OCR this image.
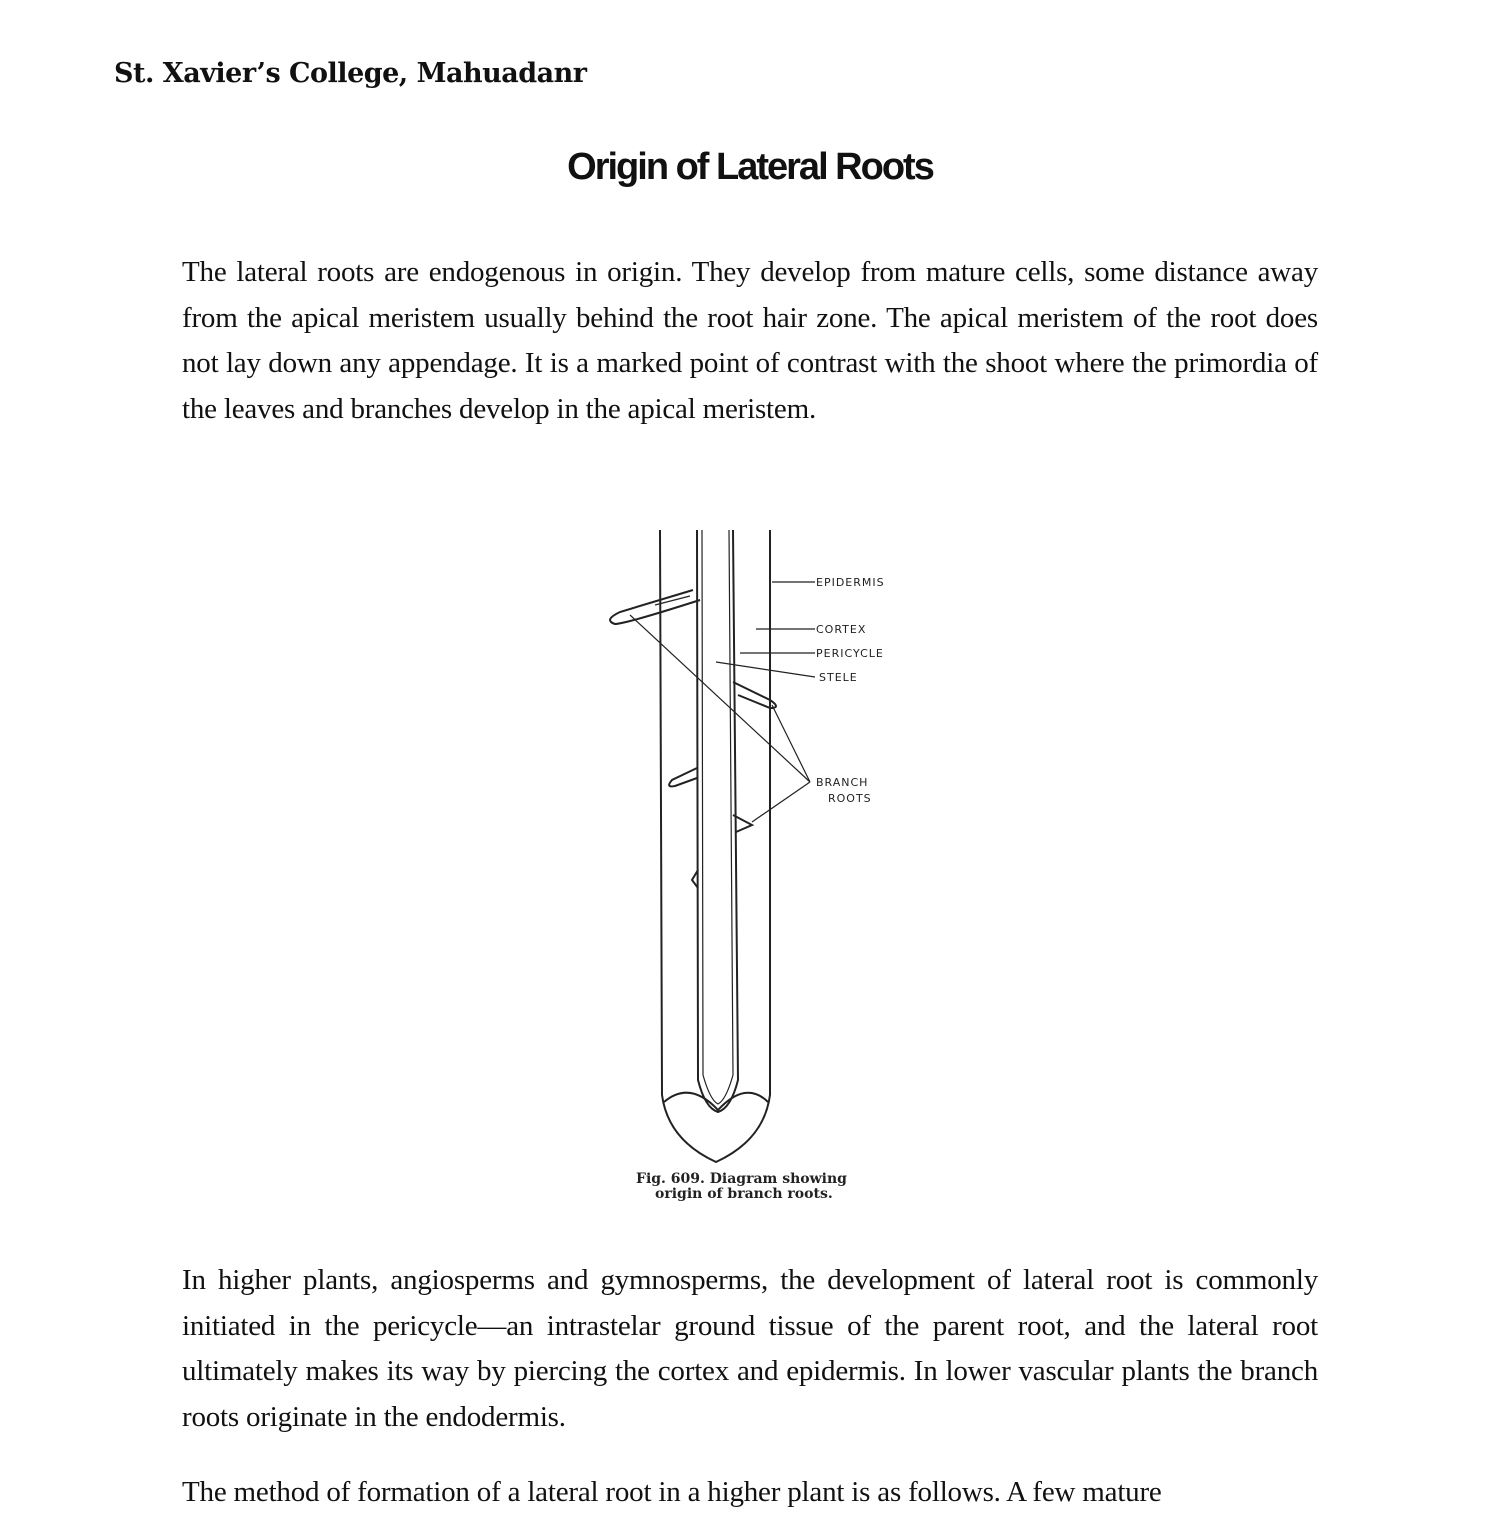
St. Xavier’s College, Mahuadanr
Origin of Lateral Roots

The lateral roots are endogenous in origin. They develop from mature cells, some distance away from the apical meristem usually behind the root hair zone. The apical meristem of the root does not lay down any appendage. It is a marked point of contrast with the shoot where the primordia of the leaves and branches develop in the apical meristem.

EPIDERMIS
CORTEX
PERICYCLE
STELE
BRANCH
ROOTS
Fig. 609. Diagram showing
origin of branch roots.

In higher plants, angiosperms and gymnosperms, the development of lateral root is commonly initiated in the pericycle—an intrastelar ground tissue of the parent root, and the lateral root ultimately makes its way by piercing the cortex and epidermis. In lower vascular plants the branch roots originate in the endodermis.

The method of formation of a lateral root in a higher plant is as follows. A few mature
